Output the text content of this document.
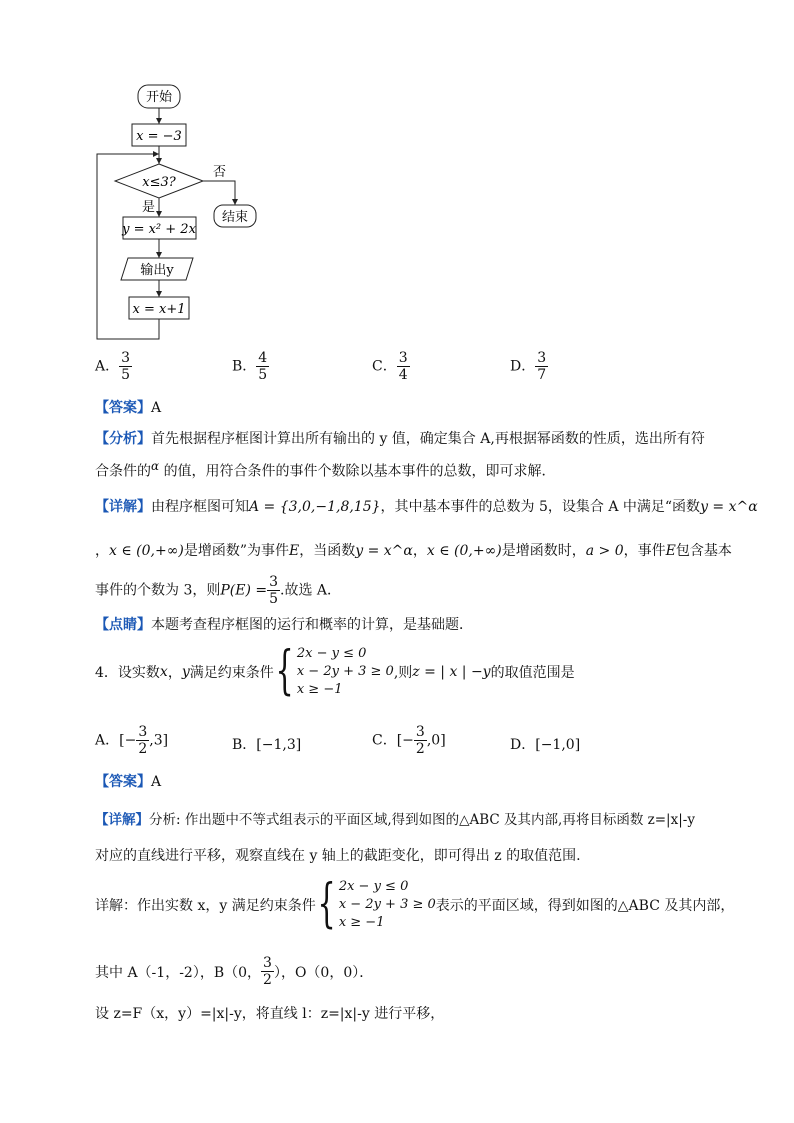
开始
x = −3
x≤3?
否
结束
是
y = x² + 2x
输出y
x = x+1
A． $\frac{3}{5}$	B． $\frac{4}{5}$	C． $\frac{3}{4}$	D． $\frac{3}{7}$
【答案】A
【分析】首先根据程序框图计算出所有输出的 y 值，确定集合 A,再根据幂函数的性质，选出所有符
合条件的α 的值，用符合条件的事件个数除以基本事件的总数，即可求解．
【详解】由程序框图可知A = {3,0,−1,8,15}，其中基本事件的总数为 5，设集合 A 中满足“函数y = x^α
，x ∈ (0,+∞)是增函数”为事件E，当函数y = x^α，x ∈ (0,+∞)是增函数时，a > 0，事件E包含基本
事件的个数为 3，则$P(E) = \frac{3}{5}$ .故选 A．
【点睛】本题考查程序框图的运行和概率的计算，是基础题．
4．设实数 x ， y 满足约束条件 { 2x − y ≤ 0
x − 2y + 3 ≥ 0
x ≥ −1
,则 z = | x | −y 的取值范围是
A．[− $\frac{3}{2} ,3$]	B．[−1,3]	C．[− $\frac{3}{2} ,0$]	D．[−1,0]
【答案】A
【详解】分析: 作出题中不等式组表示的平面区域,得到如图的△ABC 及其内部,再将目标函数 z=|x|-y
对应的直线进行平移，观察直线在 y 轴上的截距变化，即可得出 z 的取值范围.
详解：作出实数 x，y 满足约束条件 { 2x − y ≤ 0
x − 2y + 3 ≥ 0
x ≥ −1
表示的平面区域，得到如图的△ABC 及其内部，
其中 A（-1，-2），B（0， $\frac{3}{2}$ ），O（0，0）．
设 z=F（x，y）=|x|-y，将直线 l：z=|x|-y 进行平移，
